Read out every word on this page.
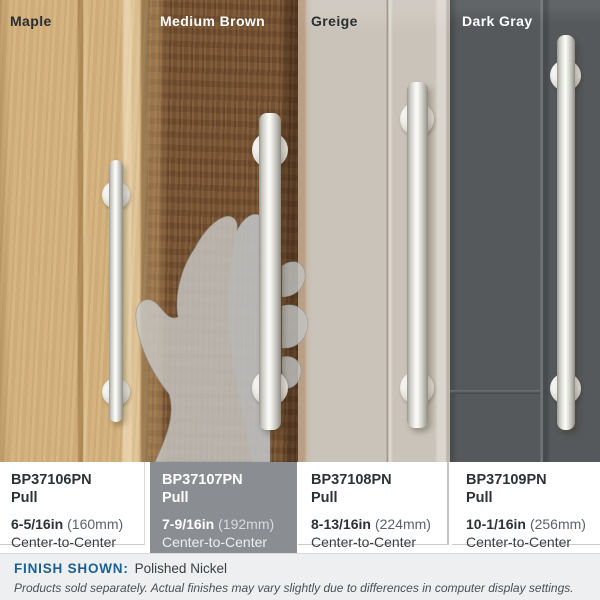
Maple	Medium Brown	Greige	Dark Gray
BP37106PN
Pull
6-5/16in (160mm)
Center-to-Center
BP37107PN
Pull
7-9/16in (192mm)
Center-to-Center
BP37108PN
Pull
8-13/16in (224mm)
Center-to-Center
BP37109PN
Pull
10-1/16in (256mm)
Center-to-Center
FINISH SHOWN: Polished Nickel
Products sold separately. Actual finishes may vary slightly due to differences in computer display settings.
